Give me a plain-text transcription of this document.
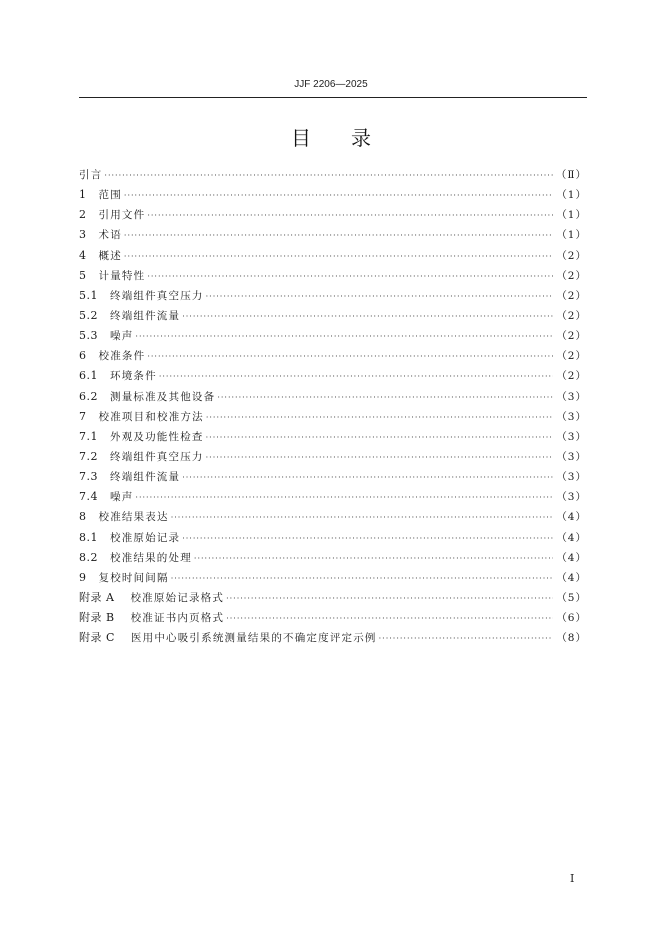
JJF 2206—2025
目录
引言 ·····	（Ⅱ）
1 范围 ·····	（1）
2 引用文件 ·····	（1）
3 术语 ·····	（1）
4 概述 ·····	（2）
5 计量特性 ·····	（2）
5.1 终端组件真空压力 ·····	（2）
5.2 终端组件流量 ·····	（2）
5.3 噪声 ·····	（2）
6 校准条件 ·····	（2）
6.1 环境条件 ·····	（2）
6.2 测量标准及其他设备 ·····	（3）
7 校准项目和校准方法 ·····	（3）
7.1 外观及功能性检查 ·····	（3）
7.2 终端组件真空压力 ·····	（3）
7.3 终端组件流量 ·····	（3）
7.4 噪声 ·····	（3）
8 校准结果表达 ·····	（4）
8.1 校准原始记录 ·····	（4）
8.2 校准结果的处理 ·····	（4）
9 复校时间间隔 ·····	（4）
附录 A 校准原始记录格式 ·····	（5）
附录 B 校准证书内页格式 ·····	（6）
附录 C 医用中心吸引系统测量结果的不确定度评定示例 ·····	（8）
I
